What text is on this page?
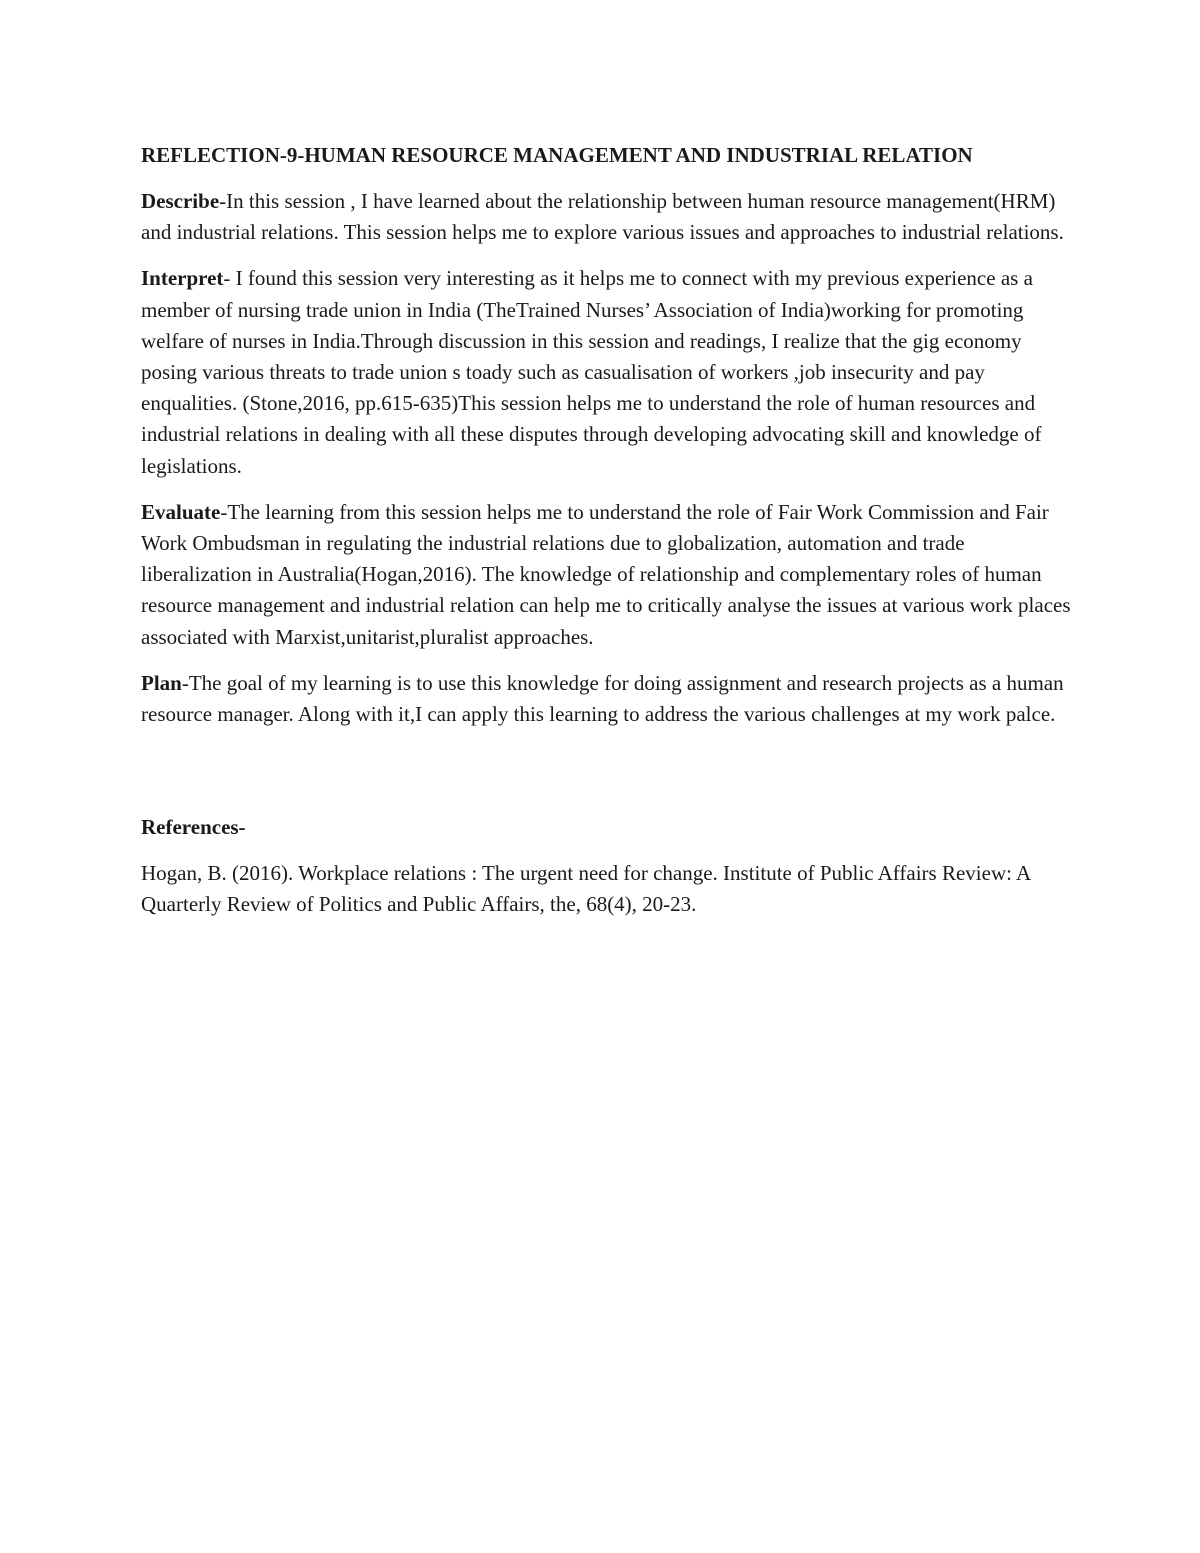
REFLECTION-9-HUMAN RESOURCE MANAGEMENT AND INDUSTRIAL RELATION

Describe-In this session , I have learned about the relationship between human resource management(HRM) and industrial relations. This session helps me to explore various issues and approaches to industrial relations.

Interpret- I found this session very interesting as it helps me to connect with my previous experience as a member of nursing trade union in India (TheTrained Nurses’ Association of India)working for promoting welfare of nurses in India.Through discussion in this session and readings, I realize that the gig economy posing various threats to trade union s toady such as casualisation of workers ,job insecurity and pay enqualities. (Stone,2016, pp.615-635)This session helps me to understand the role of human resources and industrial relations in dealing with all these disputes through developing advocating skill and knowledge of legislations.

Evaluate-The learning from this session helps me to understand the role of Fair Work Commission and Fair Work Ombudsman in regulating the industrial relations due to globalization, automation and trade liberalization in Australia(Hogan,2016). The knowledge of relationship and complementary roles of human resource management and industrial relation can help me to critically analyse the issues at various work places associated with Marxist,unitarist,pluralist approaches.

Plan-The goal of my learning is to use this knowledge for doing assignment and research projects as a human resource manager. Along with it,I can apply this learning to address the various challenges at my work palce.

References-

Hogan, B. (2016). Workplace relations : The urgent need for change. Institute of Public Affairs Review: A Quarterly Review of Politics and Public Affairs, the, 68(4), 20-23.
